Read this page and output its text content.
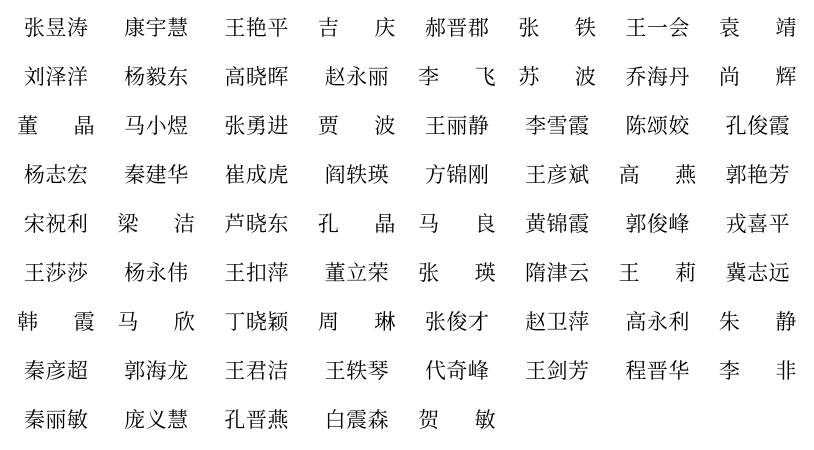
张昱涛 康宇慧 王艳平 吉 庆 郝晋郡 张 铁 王一会 袁 靖
刘泽洋 杨毅东 高晓晖 赵永丽 李 飞 苏 波 乔海丹 尚 辉
董 晶 马小煜 张勇进 贾 波 王丽静 李雪霞 陈颂姣 孔俊霞
杨志宏 秦建华 崔成虎 阎轶瑛 方锦刚 王彦斌 高 燕 郭艳芳
宋祝利 梁 洁 芦晓东 孔 晶 马 良 黄锦霞 郭俊峰 戎喜平
王莎莎 杨永伟 王扣萍 董立荣 张 瑛 隋津云 王 莉 冀志远
韩 霞 马 欣 丁晓颖 周 琳 张俊才 赵卫萍 高永利 朱 静
秦彦超 郭海龙 王君洁 王轶琴 代奇峰 王剑芳 程晋华 李 非
秦丽敏 庞义慧 孔晋燕 白震森 贺 敏
